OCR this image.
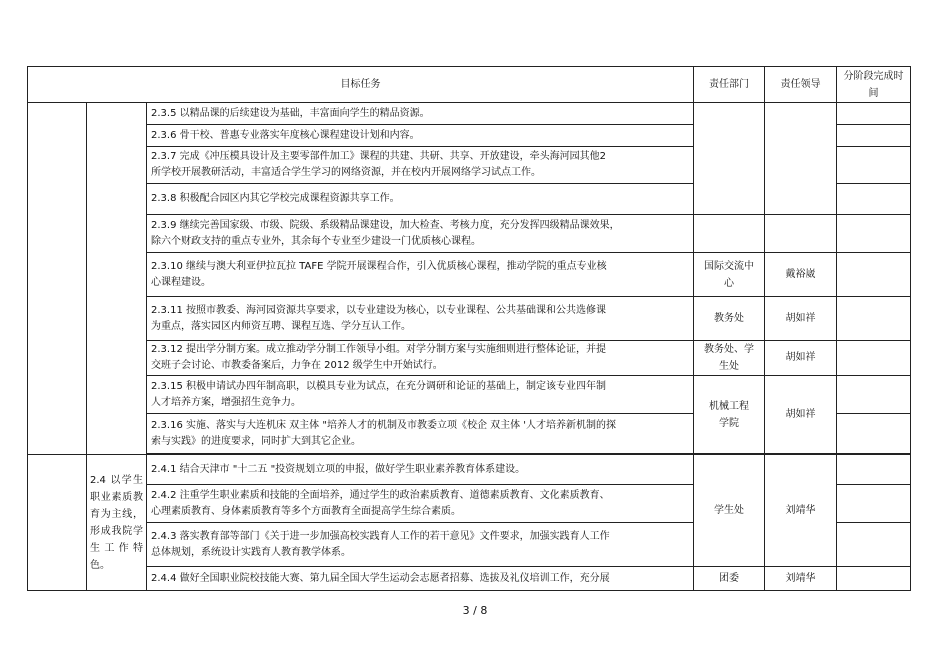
目标任务			责任部门	责任领导	分阶段完成时间

		2.3.5 以精品课的后续建设为基础，丰富面向学生的精品资源。			

		2.3.6 骨干校、普惠专业落实年度核心课程建设计划和内容。			

		2.3.7 完成《冲压模具设计及主要零部件加工》课程的共建、共研、共享、开放建设，牵头海河园其他2
所学校开展教研活动，丰富适合学生学习的网络资源，并在校内开展网络学习试点工作。			

		2.3.8 积极配合园区内其它学校完成课程资源共享工作。			

		2.3.9 继续完善国家级、市级、院级、系级精品课建设，加大检查、考核力度，充分发挥四级精品课效果，
除六个财政支持的重点专业外，其余每个专业至少建设一门优质核心课程。			

		2.3.10 继续与澳大利亚伊拉瓦拉 TAFE 学院开展课程合作，引入优质核心课程，推动学院的重点专业核
心课程建设。	国际交流中心	戴裕崴	

		2.3.11 按照市教委、海河园资源共享要求，以专业建设为核心，以专业课程、公共基础课和公共选修课
为重点，落实园区内师资互聘、课程互选、学分互认工作。	教务处	胡如祥	

		2.3.12 提出学分制方案。成立推动学分制工作领导小组。对学分制方案与实施细则进行整体论证，并提
交班子会讨论、市教委备案后，力争在 2012 级学生中开始试行。	教务处、学生处	胡如祥	

		2.3.15 积极申请试办四年制高职，以模具专业为试点，在充分调研和论证的基础上，制定该专业四年制
人才培养方案，增强招生竞争力。	机械工程学院	胡如祥	

		2.3.16 实施、落实与大连机床 双主体 "培养人才的机制及市教委立项《校企 双主体 '人才培养新机制的探
索与实践》的进度要求，同时扩大到其它企业。			

	2.4 以学生职业素质教育为主线，形成我院学生工作特色。	2.4.1 结合天津市 "十二五 "投资规划立项的申报，做好学生职业素养教育体系建设。	学生处	刘靖华	

		2.4.2 注重学生职业素质和技能的全面培养，通过学生的政治素质教育、道德素质教育、文化素质教育、
心理素质教育、身体素质教育等多个方面教育全面提高学生综合素质。			

		2.4.3 落实教育部等部门《关于进一步加强高校实践育人工作的若干意见》文件要求，加强实践育人工作
总体规划，系统设计实践育人教育教学体系。			

		2.4.4 做好全国职业院校技能大赛、第九届全国大学生运动会志愿者招募、选拔及礼仪培训工作，充分展	团委	刘靖华	
3 / 8
